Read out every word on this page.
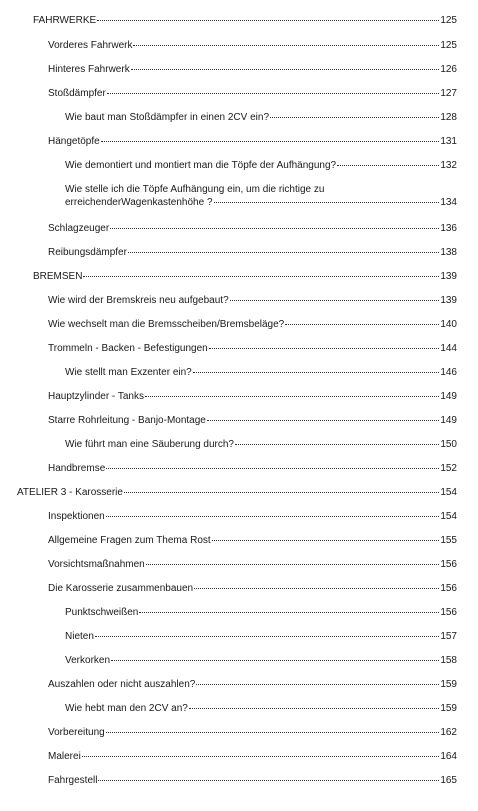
FAHRWERKE	125
Vorderes Fahrwerk	125
Hinteres Fahrwerk	126
Stoßdämpfer	127
Wie baut man Stoßdämpfer in einen 2CV ein?	128
Hängetöpfe	131
Wie demontiert und montiert man die Töpfe der Aufhängung?	132
Wie stelle ich die Töpfe Aufhängung ein, um die richtige zu
erreichenderWagenkastenhöhe ?	134
Schlagzeuger	136
Reibungsdämpfer	138
BREMSEN	139
Wie wird der Bremskreis neu aufgebaut?	139
Wie wechselt man die Bremsscheiben/Bremsbeläge?	140
Trommeln - Backen - Befestigungen	144
Wie stellt man Exzenter ein?	146
Hauptzylinder - Tanks	149
Starre Rohrleitung - Banjo-Montage	149
Wie führt man eine Säuberung durch?	150
Handbremse	152
ATELIER 3 - Karosserie	154
Inspektionen	154
Allgemeine Fragen zum Thema Rost	155
Vorsichtsmaßnahmen	156
Die Karosserie zusammenbauen	156
Punktschweißen	156
Nieten	157
Verkorken	158
Auszahlen oder nicht auszahlen?	159
Wie hebt man den 2CV an?	159
Vorbereitung	162
Malerei	164
Fahrgestell	165
